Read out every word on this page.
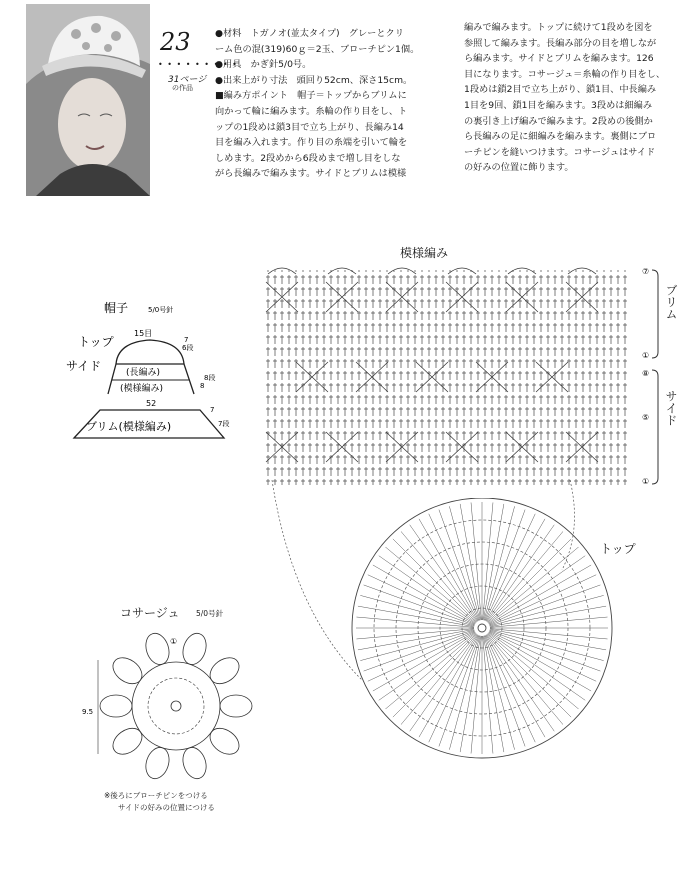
23
• • • • • • • • •
31ページ
の作品

●材料　トガノオ(並太タイプ)　グレーとクリ

ーム色の混(319)60ｇ＝2玉、ブローチピン1個。

●用具　かぎ針5/0号。

●出来上がり寸法　頭回り52cm、深さ15cm。

■編み方ポイント　帽子＝トップからブリムに

向かって輪に編みます。糸輪の作り目をし、ト

ップの1段めは鎖3目で立ち上がり、長編み14

目を編み入れます。作り目の糸端を引いて輪を

しめます。2段めから6段めまで増し目をしな

がら長編みで編みます。サイドとブリムは模様

編みで編みます。トップに続けて1段めを図を

参照して編みます。長編み部分の目を増しなが

ら編みます。サイドとブリムを編みます。126

目になります。コサージュ＝糸輪の作り目をし、

1段めは鎖2目で立ち上がり、鎖1目、中長編み

1目を9回、鎖1目を編みます。3段めは細編み

の裏引き上げ編みで編みます。2段めの後側か

ら長編みの足に細編みを編みます。裏側にブロ

ーチピンを縫いつけます。コサージュはサイド

の好みの位置に飾ります。

帽子	5/0号針
トップ
サイド
15目
6段
7
(長編み)
(模様編み)	8
8段
52
ブリム(模様編み)
7
7段
模様編み
⑦
①
⑧
⑤
①
ブリム
サイド
トップ
コサージュ 5/0号針
①
9.5
※後ろにブローチピンをつける
サイドの好みの位置につける
